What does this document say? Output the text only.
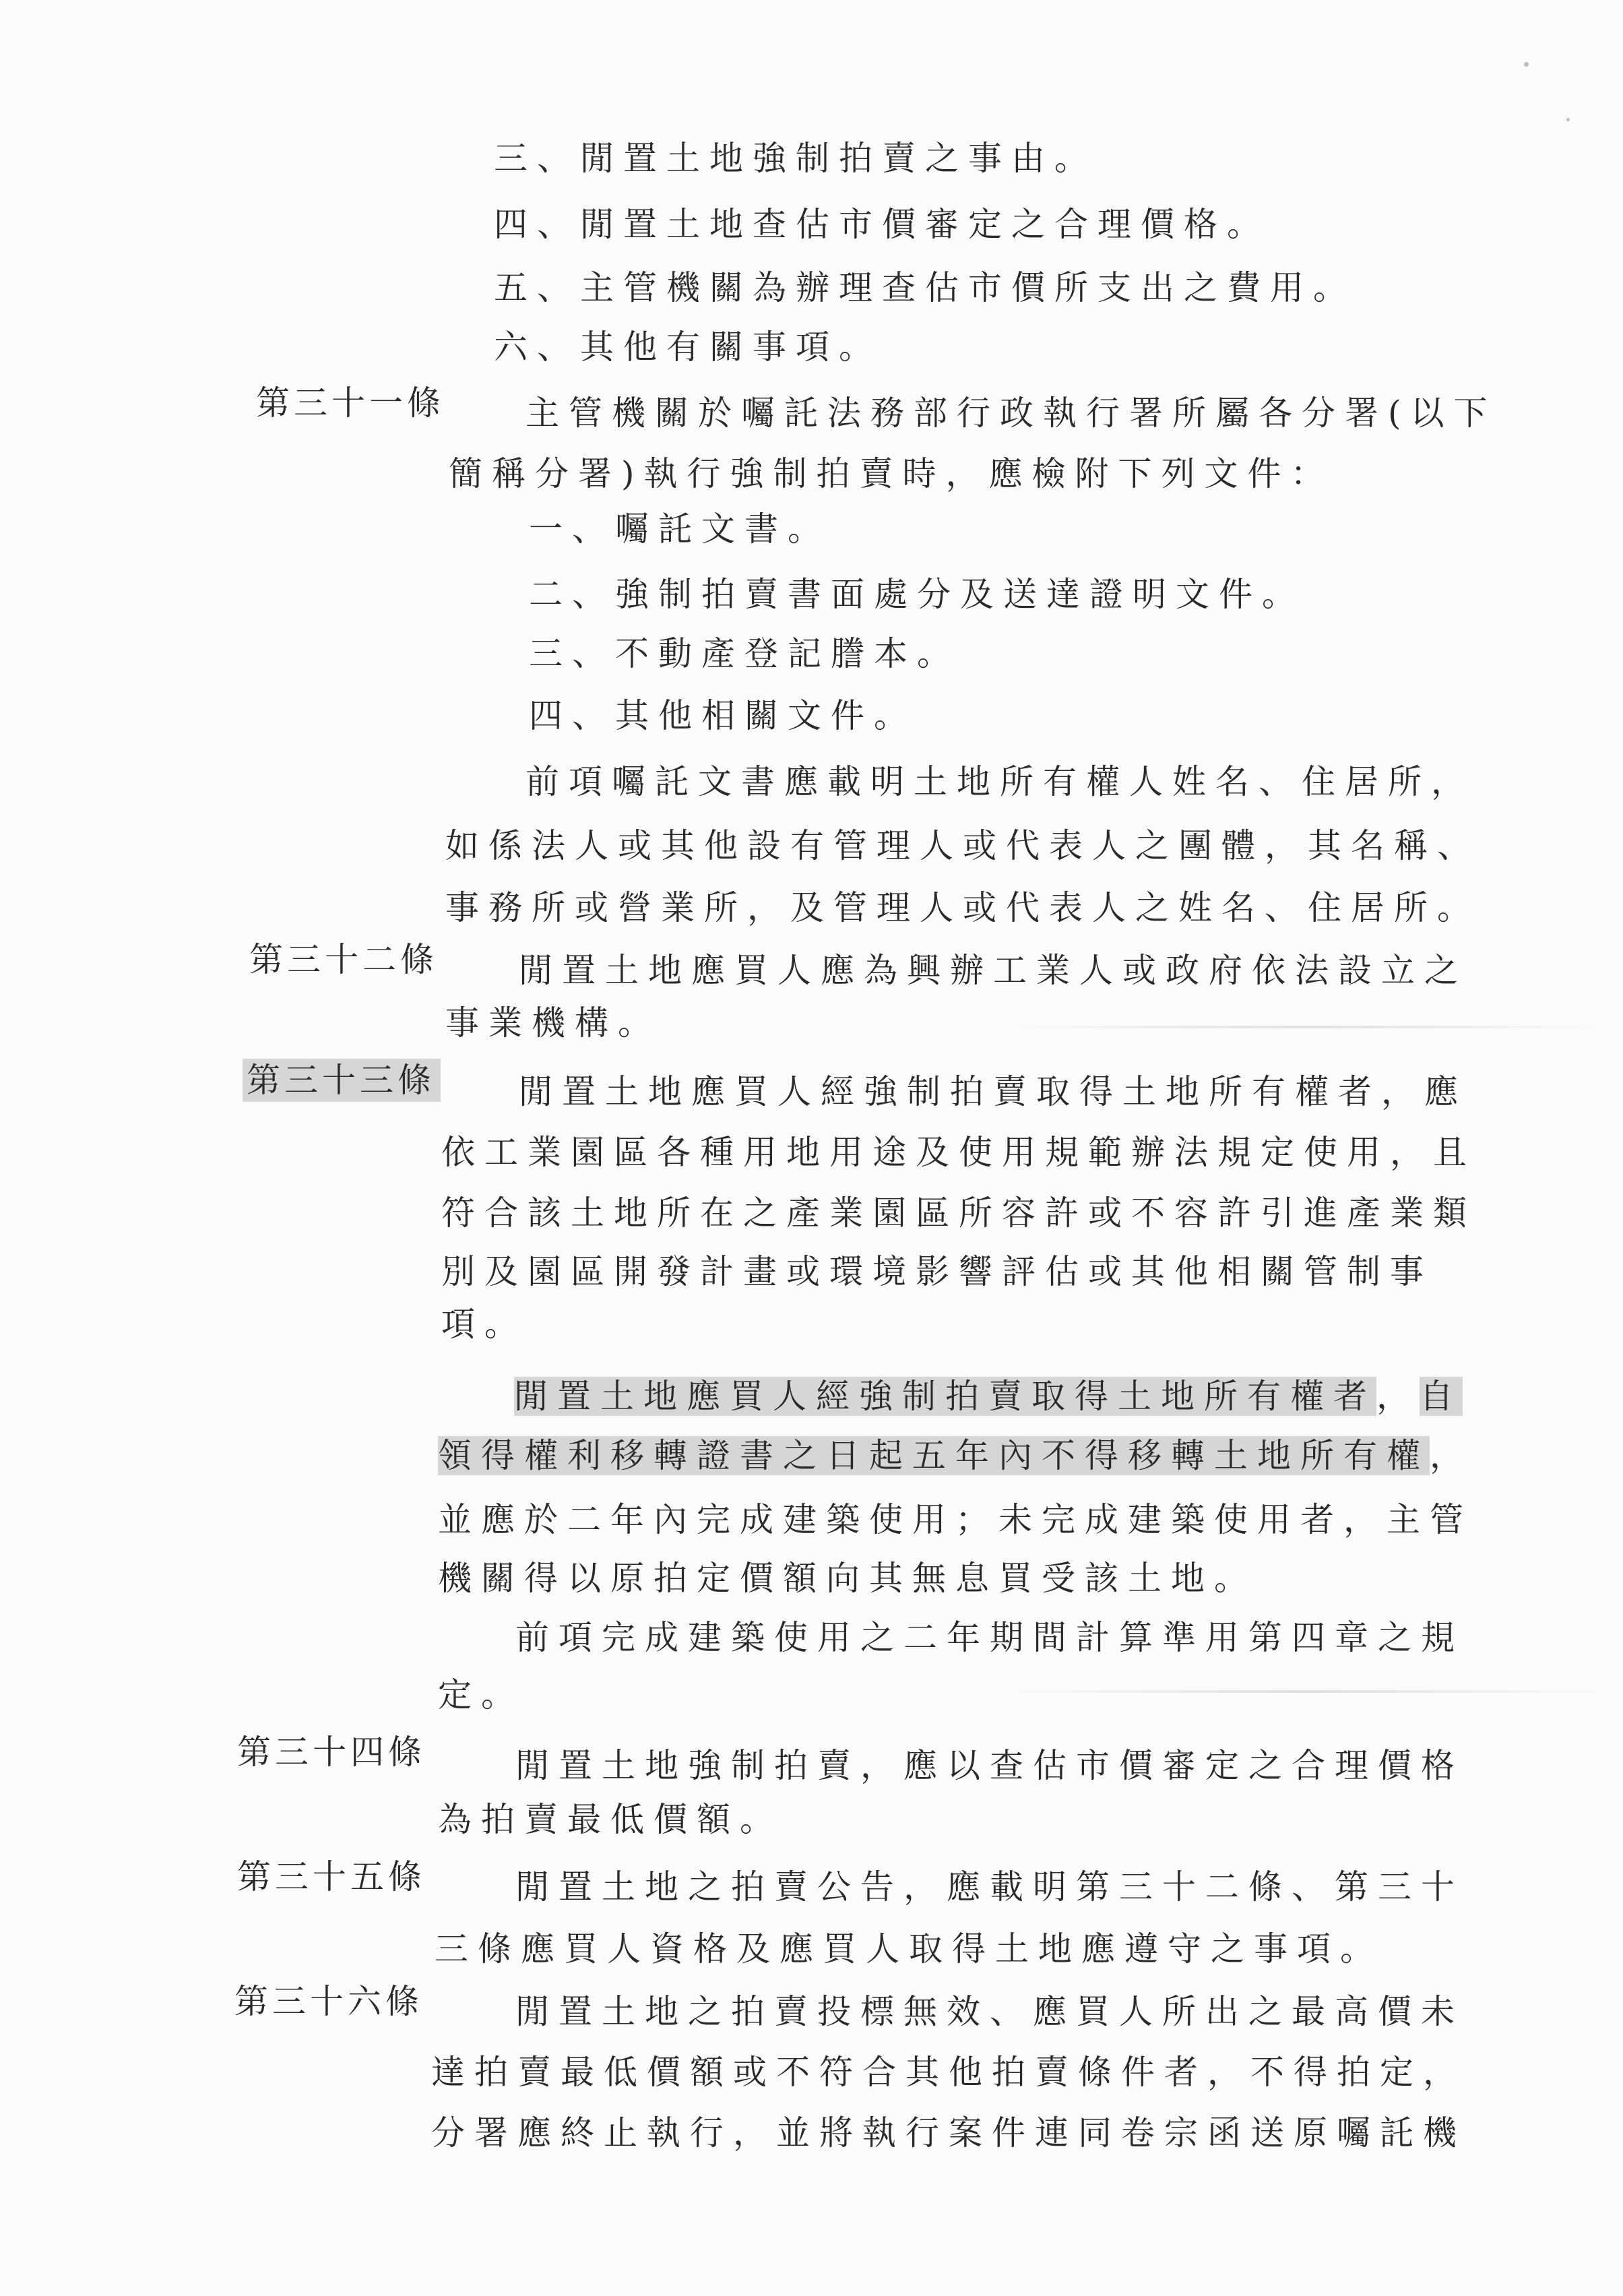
三、閒置土地強制拍賣之事由。
四、閒置土地查估市價審定之合理價格。
五、主管機關為辦理查估市價所支出之費用。
六、其他有關事項。
第三十一條 主管機關於囑託法務部行政執行署所屬各分署(以下
簡稱分署)執行強制拍賣時，應檢附下列文件：
一、囑託文書。
二、強制拍賣書面處分及送達證明文件。
三、不動產登記謄本。
四、其他相關文件。
前項囑託文書應載明土地所有權人姓名、住居所，
如係法人或其他設有管理人或代表人之團體，其名稱、
事務所或營業所，及管理人或代表人之姓名、住居所。
第三十二條 閒置土地應買人應為興辦工業人或政府依法設立之
事業機構。
第三十三條 閒置土地應買人經強制拍賣取得土地所有權者，應
依工業園區各種用地用途及使用規範辦法規定使用，且
符合該土地所在之產業園區所容許或不容許引進產業類
別及園區開發計畫或環境影響評估或其他相關管制事
項。
閒置土地應買人經強制拍賣取得土地所有權者，自
領得權利移轉證書之日起五年內不得移轉土地所有權，
並應於二年內完成建築使用；未完成建築使用者，主管
機關得以原拍定價額向其無息買受該土地。
前項完成建築使用之二年期間計算準用第四章之規
定。
第三十四條	閒置土地強制拍賣，應以查估市價審定之合理價格
為拍賣最低價額。
第三十五條	閒置土地之拍賣公告，應載明第三十二條、第三十
三條應買人資格及應買人取得土地應遵守之事項。
第三十六條	閒置土地之拍賣投標無效、應買人所出之最高價未
達拍賣最低價額或不符合其他拍賣條件者，不得拍定，
分署應終止執行，並將執行案件連同卷宗函送原囑託機
